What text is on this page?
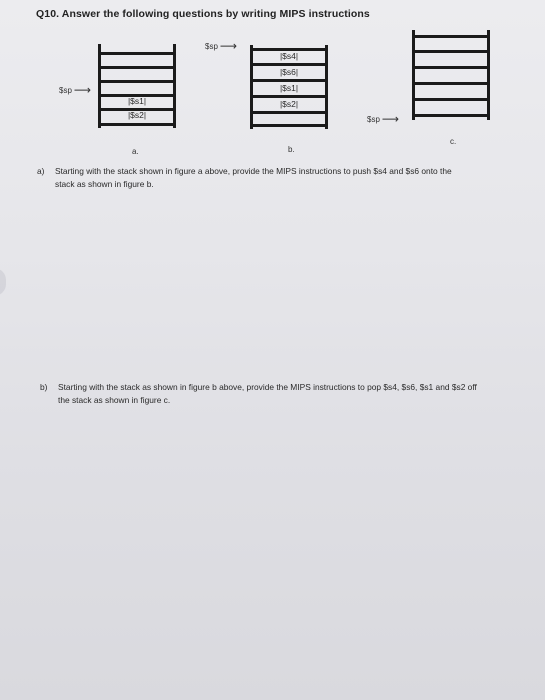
Q10. Answer the following questions by writing MIPS instructions
|$s1|
|$s2|
$sp ⟶
|$s4|
|$s6|
|$s1|
|$s2|
$sp ⟶
$sp ⟶
a.	b.
c.
a) Starting with the stack shown in figure a above, provide the MIPS instructions to push $s4 and $s6 onto the
stack as shown in figure b.
b) Starting with the stack as shown in figure b above, provide the MIPS instructions to pop $s4, $s6, $s1 and $s2 off
the stack as shown in figure c.
